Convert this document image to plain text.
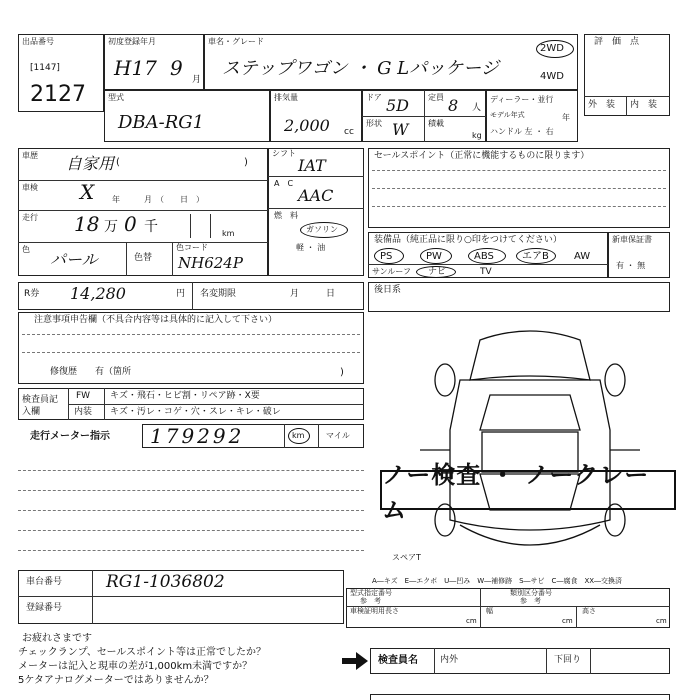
出品番号
[1147]
2127
初度登録年月
H17 9 月
車名・グレード
ステップワゴン ・ G Lパッケージ
2WD
4WD
評　価　点
外　装 内　装
型式
DBA-RG1
排気量
2,000 cc
ドア 5D 定員 8 人
形状 W 積載
kg
ディーラー・並行
モデル年式	年
ハンドル 左 ・ 右
車歴 自家用 (	)
車検 X 年　　　月　（　　日　）
走行 18 万 0 千	km
色
パール	色替
色コード
NH624P
シフト
IAT
A　C
AAC
燃　料
ガソリン
軽 ・ 油
セールスポイント（正常に機能するものに限ります）
装備品（純正品に限り○印をつけてください）
PS	PW	ABS	エアB	AW
サンルーフ ナビ	TV
新車保証書
有 ・ 無
R券 14,280	円 名変期限	月　　　日
注意事項申告欄（不具合内容等は具体的に記入して下さい）
修復歴　　有（箇所	)
後日系
検査員記入欄
FW キズ・飛石・ヒビ割・リペア跡・X要
内装 キズ・汚レ・コゲ・穴・スレ・キレ・破レ
走行メーター指示 179292	km	マイル
ノー検査 ・ ノークレーム
スペアT
A―キズ　E―エクボ　U―凹み　W―補修跡　S―サビ　C―腐食　XX―交換済
車台番号	RG1-1036802
登録番号
型式指定番号
参　考
類別区分番号
参　考
車検証明用長さ
cm
幅
cm
高さ
cm
お疲れさまです
チェックランプ、セールスポイント等は正常でしたか？
メーターは記入と現車の差が1,000km未満ですか？
5ケタアナログメーターではありませんか？
検査員名 内外	下回り
